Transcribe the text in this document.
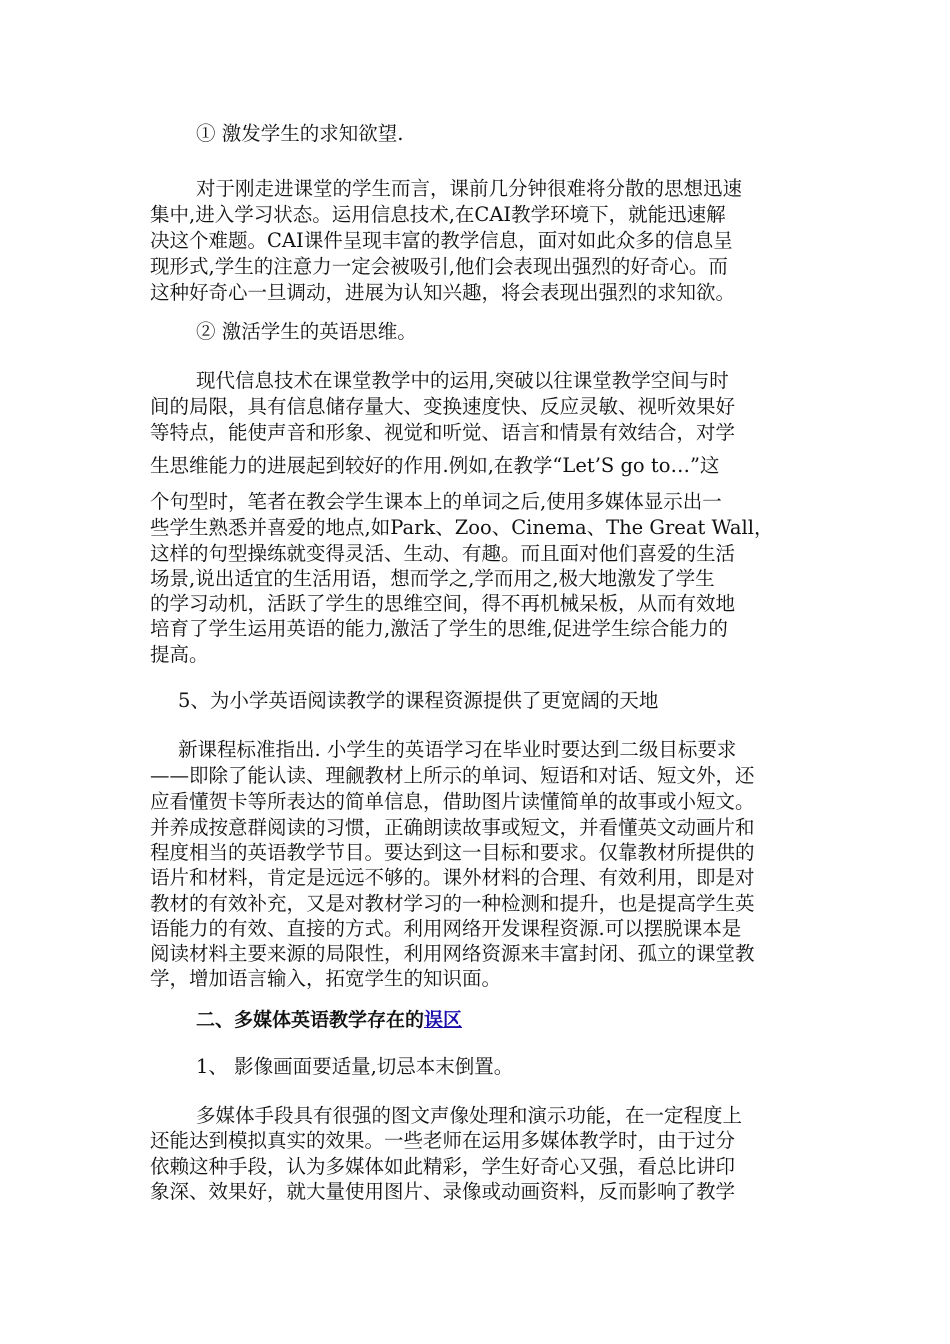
① 激发学生的求知欲望.
对于刚走进课堂的学生而言，课前几分钟很难将分散的思想迅速
集中,进入学习状态。运用信息技术,在CAI教学环境下，就能迅速解
决这个难题。CAI课件呈现丰富的教学信息，面对如此众多的信息呈
现形式,学生的注意力一定会被吸引,他们会表现出强烈的好奇心。而
这种好奇心一旦调动，进展为认知兴趣，将会表现出强烈的求知欲。
② 激活学生的英语思维。
现代信息技术在课堂教学中的运用,突破以往课堂教学空间与时
间的局限，具有信息储存量大、变换速度快、反应灵敏、视听效果好
等特点，能使声音和形象、视觉和听觉、语言和情景有效结合，对学
生思维能力的进展起到较好的作用.例如,在教学“Let’S go to…”这
个句型时，笔者在教会学生课本上的单词之后,使用多媒体显示出一
些学生熟悉并喜爱的地点,如Park、Zoo、Cinema、The Great Wall，
这样的句型操练就变得灵活、生动、有趣。而且面对他们喜爱的生活
场景,说出适宜的生活用语，想而学之,学而用之,极大地激发了学生
的学习动机，活跃了学生的思维空间，得不再机械呆板，从而有效地
培育了学生运用英语的能力,激活了学生的思维,促进学生综合能力的
提高。
5、为小学英语阅读教学的课程资源提供了更宽阔的天地
新课程标准指出. 小学生的英语学习在毕业时要达到二级目标要求
——即除了能认读、理觎教材上所示的单词、短语和对话、短文外，还
应看懂贺卡等所表达的简单信息，借助图片读懂简单的故事或小短文。
并养成按意群阅读的习惯，正确朗读故事或短文，并看懂英文动画片和
程度相当的英语教学节目。要达到这一目标和要求。仅靠教材所提供的
语片和材料，肯定是远远不够的。课外材料的合理、有效利用，即是对
教材的有效补充，又是对教材学习的一种检测和提升，也是提高学生英
语能力的有效、直接的方式。利用网络开发课程资源.可以摆脱课本是
阅读材料主要来源的局限性，利用网络资源来丰富封闭、孤立的课堂教
学，增加语言输入，拓宽学生的知识面。
二、多媒体英语教学存在的误区
1、 影像画面要适量,切忌本末倒置。
多媒体手段具有很强的图文声像处理和演示功能，在一定程度上
还能达到模拟真实的效果。一些老师在运用多媒体教学时，由于过分
依赖这种手段，认为多媒体如此精彩，学生好奇心又强，看总比讲印
象深、效果好，就大量使用图片、录像或动画资料，反而影响了教学
